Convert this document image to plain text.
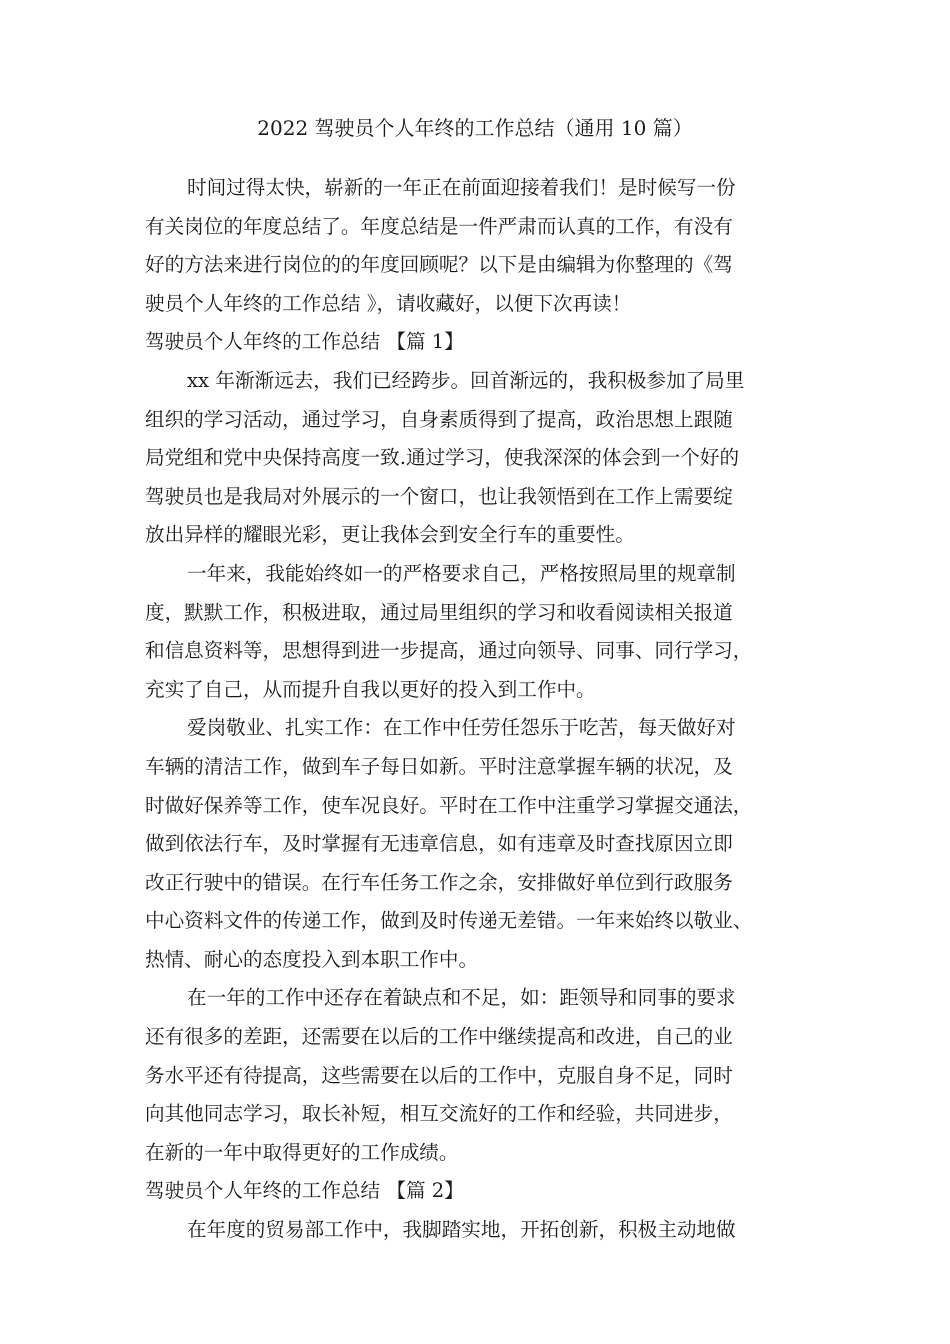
2022 驾驶员个人年终的工作总结（通用 10 篇）
时间过得太快，崭新的一年正在前面迎接着我们！是时候写一份
有关岗位的年度总结了。年度总结是一件严肃而认真的工作，有没有
好的方法来进行岗位的的年度回顾呢？以下是由编辑为你整理的《驾
驶员个人年终的工作总结 》，请收藏好，以便下次再读！
驾驶员个人年终的工作总结 【篇 1】
xx 年渐渐远去，我们已经跨步。回首渐远的，我积极参加了局里
组织的学习活动，通过学习，自身素质得到了提高，政治思想上跟随
局党组和党中央保持高度一致.通过学习，使我深深的体会到一个好的
驾驶员也是我局对外展示的一个窗口，也让我领悟到在工作上需要绽
放出异样的耀眼光彩，更让我体会到安全行车的重要性。
一年来，我能始终如一的严格要求自己，严格按照局里的规章制
度，默默工作，积极进取，通过局里组织的学习和收看阅读相关报道
和信息资料等，思想得到进一步提高，通过向领导、同事、同行学习，
充实了自己，从而提升自我以更好的投入到工作中。
爱岗敬业、扎实工作：在工作中任劳任怨乐于吃苦，每天做好对
车辆的清洁工作，做到车子每日如新。平时注意掌握车辆的状况，及
时做好保养等工作，使车况良好。平时在工作中注重学习掌握交通法，
做到依法行车，及时掌握有无违章信息，如有违章及时查找原因立即
改正行驶中的错误。在行车任务工作之余，安排做好单位到行政服务
中心资料文件的传递工作，做到及时传递无差错。一年来始终以敬业、
热情、耐心的态度投入到本职工作中。
在一年的工作中还存在着缺点和不足，如：距领导和同事的要求
还有很多的差距，还需要在以后的工作中继续提高和改进，自己的业
务水平还有待提高，这些需要在以后的工作中，克服自身不足，同时
向其他同志学习，取长补短，相互交流好的工作和经验，共同进步，
在新的一年中取得更好的工作成绩。
驾驶员个人年终的工作总结 【篇 2】
在年度的贸易部工作中，我脚踏实地，开拓创新，积极主动地做
